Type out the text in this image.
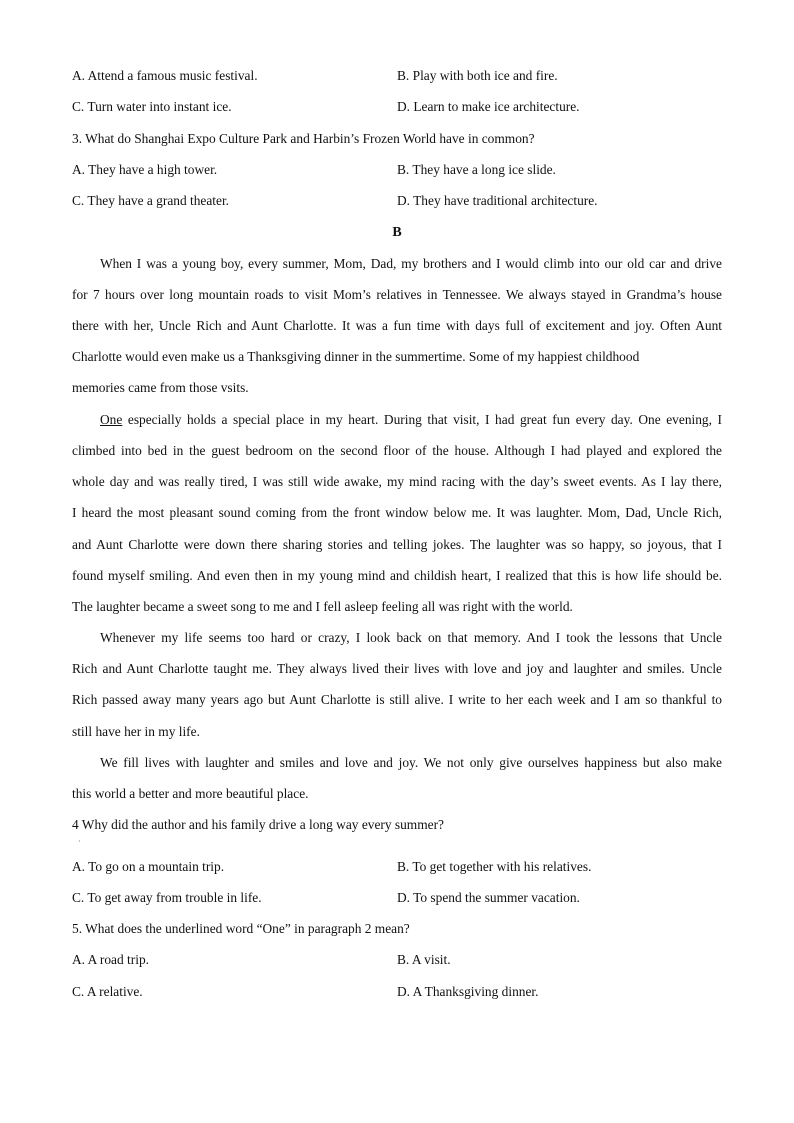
A. Attend a famous music festival.	B. Play with both ice and fire.
C. Turn water into instant ice.	D. Learn to make ice architecture.
3. What do Shanghai Expo Culture Park and Harbin’s Frozen World have in common?
A. They have a high tower.	B. They have a long ice slide.
C. They have a grand theater.	D. They have traditional architecture.
B
When I was a young boy, every summer, Mom, Dad, my brothers and I would climb into our old car and drive
for 7 hours over long mountain roads to visit Mom’s relatives in Tennessee. We always stayed in Grandma’s house
there with her, Uncle Rich and Aunt Charlotte. It was a fun time with days full of excitement and joy. Often Aunt
Charlotte would even make us a Thanksgiving dinner in the summertime. Some of my happiest childhood
memories came from those vsits.
One especially holds a special place in my heart. During that visit, I had great fun every day. One evening, I
climbed into bed in the guest bedroom on the second floor of the house. Although I had played and explored the
whole day and was really tired, I was still wide awake, my mind racing with the day’s sweet events. As I lay there,
I heard the most pleasant sound coming from the front window below me. It was laughter. Mom, Dad, Uncle Rich,
and Aunt Charlotte were down there sharing stories and telling jokes. The laughter was so happy, so joyous, that I
found myself smiling. And even then in my young mind and childish heart, I realized that this is how life should be.
The laughter became a sweet song to me and I fell asleep feeling all was right with the world.
Whenever my life seems too hard or crazy, I look back on that memory. And I took the lessons that Uncle
Rich and Aunt Charlotte taught me. They always lived their lives with love and joy and laughter and smiles. Uncle
Rich passed away many years ago but Aunt Charlotte is still alive. I write to her each week and I am so thankful to
still have her in my life.
We fill lives with laughter and smiles and love and joy. We not only give ourselves happiness but also make
this world a better and more beautiful place.
4 Why did the author and his family drive a long way every summer?
·
A. To go on a mountain trip.	B. To get together with his relatives.
C. To get away from trouble in life.	D. To spend the summer vacation.
5. What does the underlined word “One” in paragraph 2 mean?
A. A road trip.	B. A visit.
C. A relative.	D. A Thanksgiving dinner.
